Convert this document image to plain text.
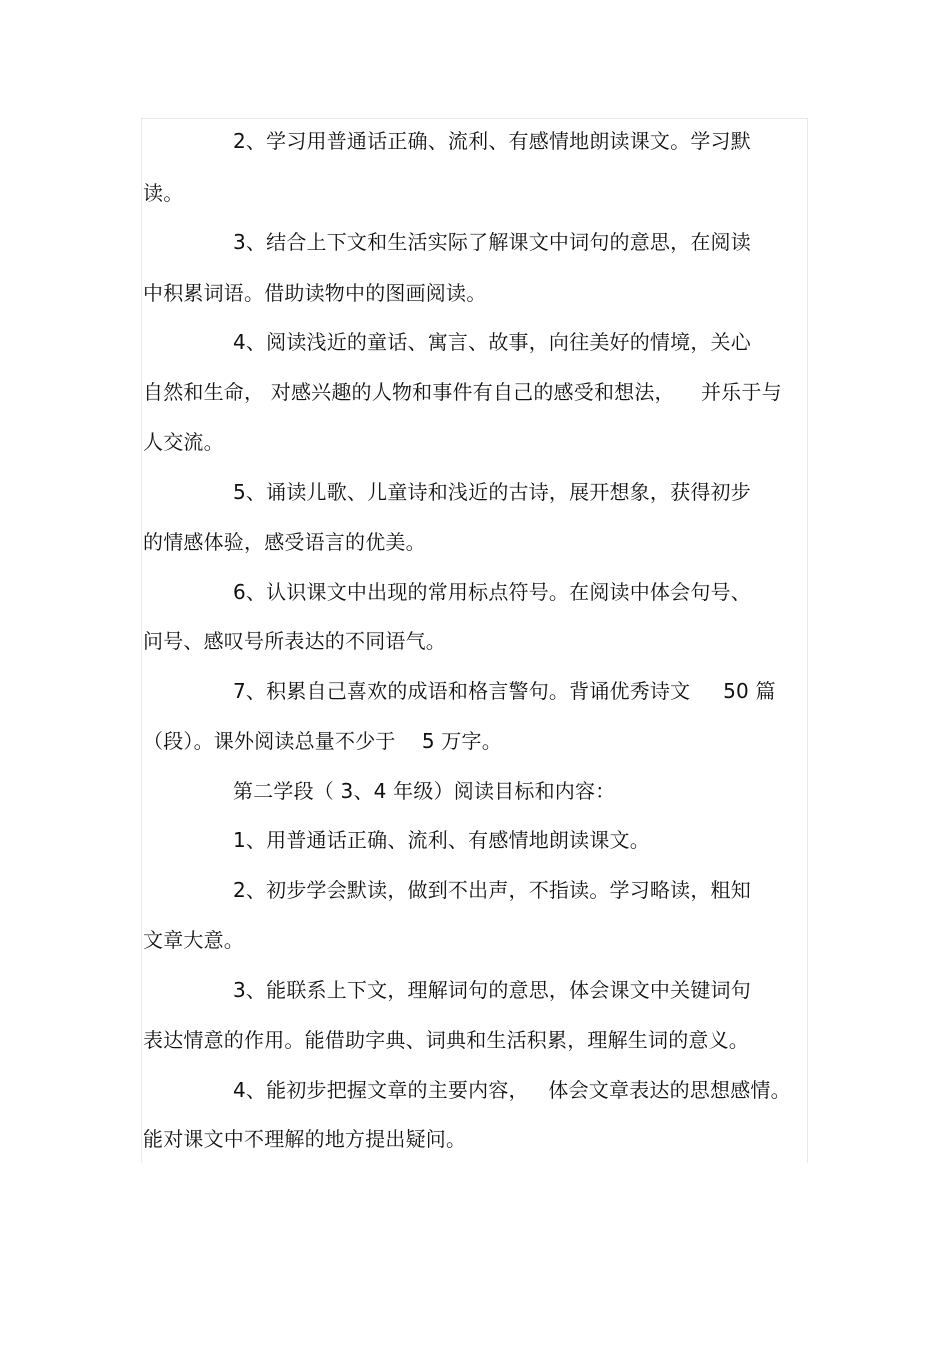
2、学习用普通话正确、流利、有感情地朗读课文。学习默
读。
3、结合上下文和生活实际了解课文中词句的意思，在阅读
中积累词语。借助读物中的图画阅读。
4、阅读浅近的童话、寓言、故事，向往美好的情境，关心
自然和生命， 对感兴趣的人物和事件有自己的感受和想法，    并乐于与
人交流。
5、诵读儿歌、儿童诗和浅近的古诗，展开想象，获得初步
的情感体验，感受语言的优美。
6、认识课文中出现的常用标点符号。在阅读中体会句号、
问号、感叹号所表达的不同语气。
7、积累自己喜欢的成语和格言警句。背诵优秀诗文     50 篇
（段）。课外阅读总量不少于    5 万字。
第二学段（ 3、4 年级）阅读目标和内容：
1、用普通话正确、流利、有感情地朗读课文。
2、初步学会默读，做到不出声，不指读。学习略读，粗知
文章大意。
3、能联系上下文，理解词句的意思，体会课文中关键词句
表达情意的作用。能借助字典、词典和生活积累，理解生词的意义。
4、能初步把握文章的主要内容，   体会文章表达的思想感情。
能对课文中不理解的地方提出疑问。
